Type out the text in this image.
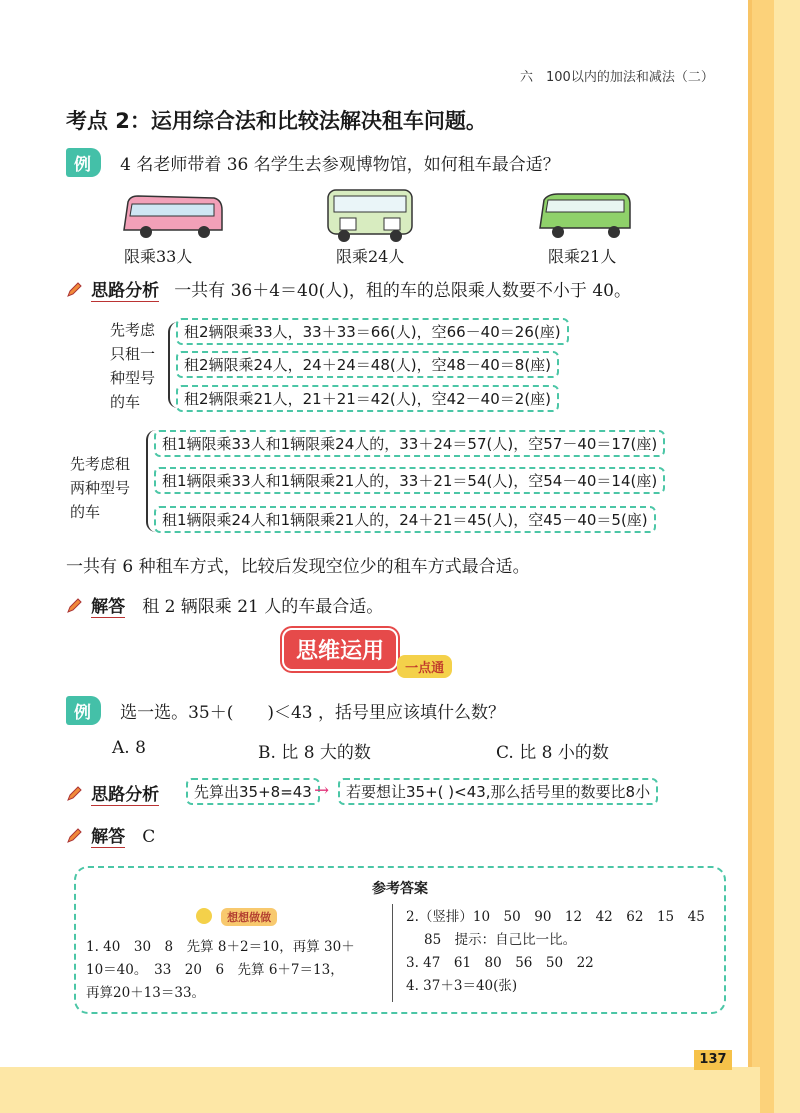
六　100以内的加法和减法（二）
考点 2：运用综合法和比较法解决租车问题。
例 4 名老师带着 36 名学生去参观博物馆，如何租车最合适？
限乘33人	限乘24人	限乘21人
思路分析 一共有 36＋4＝40(人)，租的车的总限乘人数要不小于 40。
先考虑
只租一
种型号
的车
租2辆限乘33人，33＋33＝66(人)，空66－40＝26(座)
租2辆限乘24人，24＋24＝48(人)，空48－40＝8(座)
租2辆限乘21人，21＋21＝42(人)，空42－40＝2(座)
先考虑租
两种型号
的车
租1辆限乘33人和1辆限乘24人的，33＋24＝57(人)，空57－40＝17(座)
租1辆限乘33人和1辆限乘21人的，33＋21＝54(人)，空54－40＝14(座)
租1辆限乘24人和1辆限乘21人的，24＋21＝45(人)，空45－40＝5(座)
一共有 6 种租车方式，比较后发现空位少的租车方式最合适。
解答 租 2 辆限乘 21 人的车最合适。
思维运用 一点通
例 选一选。35＋(　　)＜43 ，括号里应该填什么数？
A. 8	B. 比 8 大的数	C. 比 8 小的数
思路分析	先算出35+8=43 →	若要想让35+( )<43,那么括号里的数要比8小
解答 C
参考答案
想想做做
1. 40　30　8　先算 8＋2＝10，再算 30＋
10＝40。　33　20　6　先算 6＋7＝13，
再算20＋13＝33。
2.（竖排）10　50　90　12　42　62　15　45
85　提示：自己比一比。
3. 47　61　80　56　50　22
4. 37＋3＝40(张)
137
